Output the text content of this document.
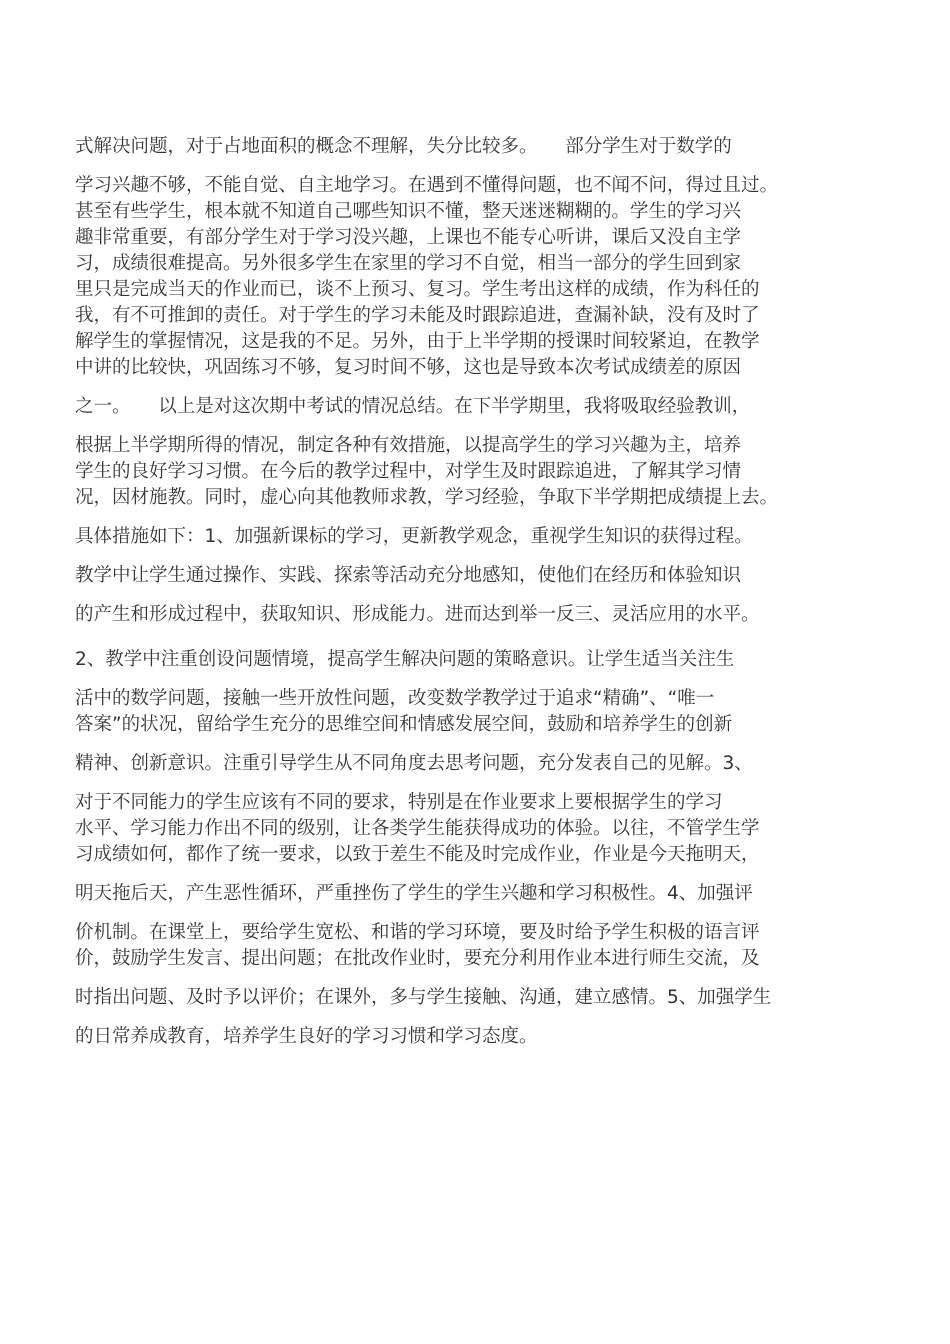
式解决问题，对于占地面积的概念不理解，失分比较多。　　部分学生对于数学的
学习兴趣不够，不能自觉、自主地学习。在遇到不懂得问题，也不闻不问，得过且过。
甚至有些学生，根本就不知道自己哪些知识不懂，整天迷迷糊糊的。学生的学习兴
趣非常重要，有部分学生对于学习没兴趣，上课也不能专心听讲，课后又没自主学
习，成绩很难提高。另外很多学生在家里的学习不自觉，相当一部分的学生回到家
里只是完成当天的作业而已，谈不上预习、复习。学生考出这样的成绩，作为科任的
我，有不可推卸的责任。对于学生的学习未能及时跟踪追进，查漏补缺，没有及时了
解学生的掌握情况，这是我的不足。另外，由于上半学期的授课时间较紧迫，在教学
中讲的比较快，巩固练习不够，复习时间不够，这也是导致本次考试成绩差的原因
之一。　　以上是对这次期中考试的情况总结。在下半学期里，我将吸取经验教训，
根据上半学期所得的情况，制定各种有效措施，以提高学生的学习兴趣为主，培养
学生的良好学习习惯。在今后的教学过程中，对学生及时跟踪追进，了解其学习情
况，因材施教。同时，虚心向其他教师求教，学习经验，争取下半学期把成绩提上去。
具体措施如下：1、加强新课标的学习，更新教学观念，重视学生知识的获得过程。
教学中让学生通过操作、实践、探索等活动充分地感知，使他们在经历和体验知识
的产生和形成过程中，获取知识、形成能力。进而达到举一反三、灵活应用的水平。
2、教学中注重创设问题情境，提高学生解决问题的策略意识。让学生适当关注生
活中的数学问题，接触一些开放性问题，改变数学教学过于追求“精确”、“唯一
答案”的状况，留给学生充分的思维空间和情感发展空间，鼓励和培养学生的创新
精神、创新意识。注重引导学生从不同角度去思考问题，充分发表自己的见解。3、
对于不同能力的学生应该有不同的要求，特别是在作业要求上要根据学生的学习
水平、学习能力作出不同的级别，让各类学生能获得成功的体验。以往，不管学生学
习成绩如何，都作了统一要求，以致于差生不能及时完成作业，作业是今天拖明天，
明天拖后天，产生恶性循环，严重挫伤了学生的学生兴趣和学习积极性。4、加强评
价机制。在课堂上，要给学生宽松、和谐的学习环境，要及时给予学生积极的语言评
价，鼓励学生发言、提出问题；在批改作业时，要充分利用作业本进行师生交流，及
时指出问题、及时予以评价；在课外，多与学生接触、沟通，建立感情。5、加强学生
的日常养成教育，培养学生良好的学习习惯和学习态度。
